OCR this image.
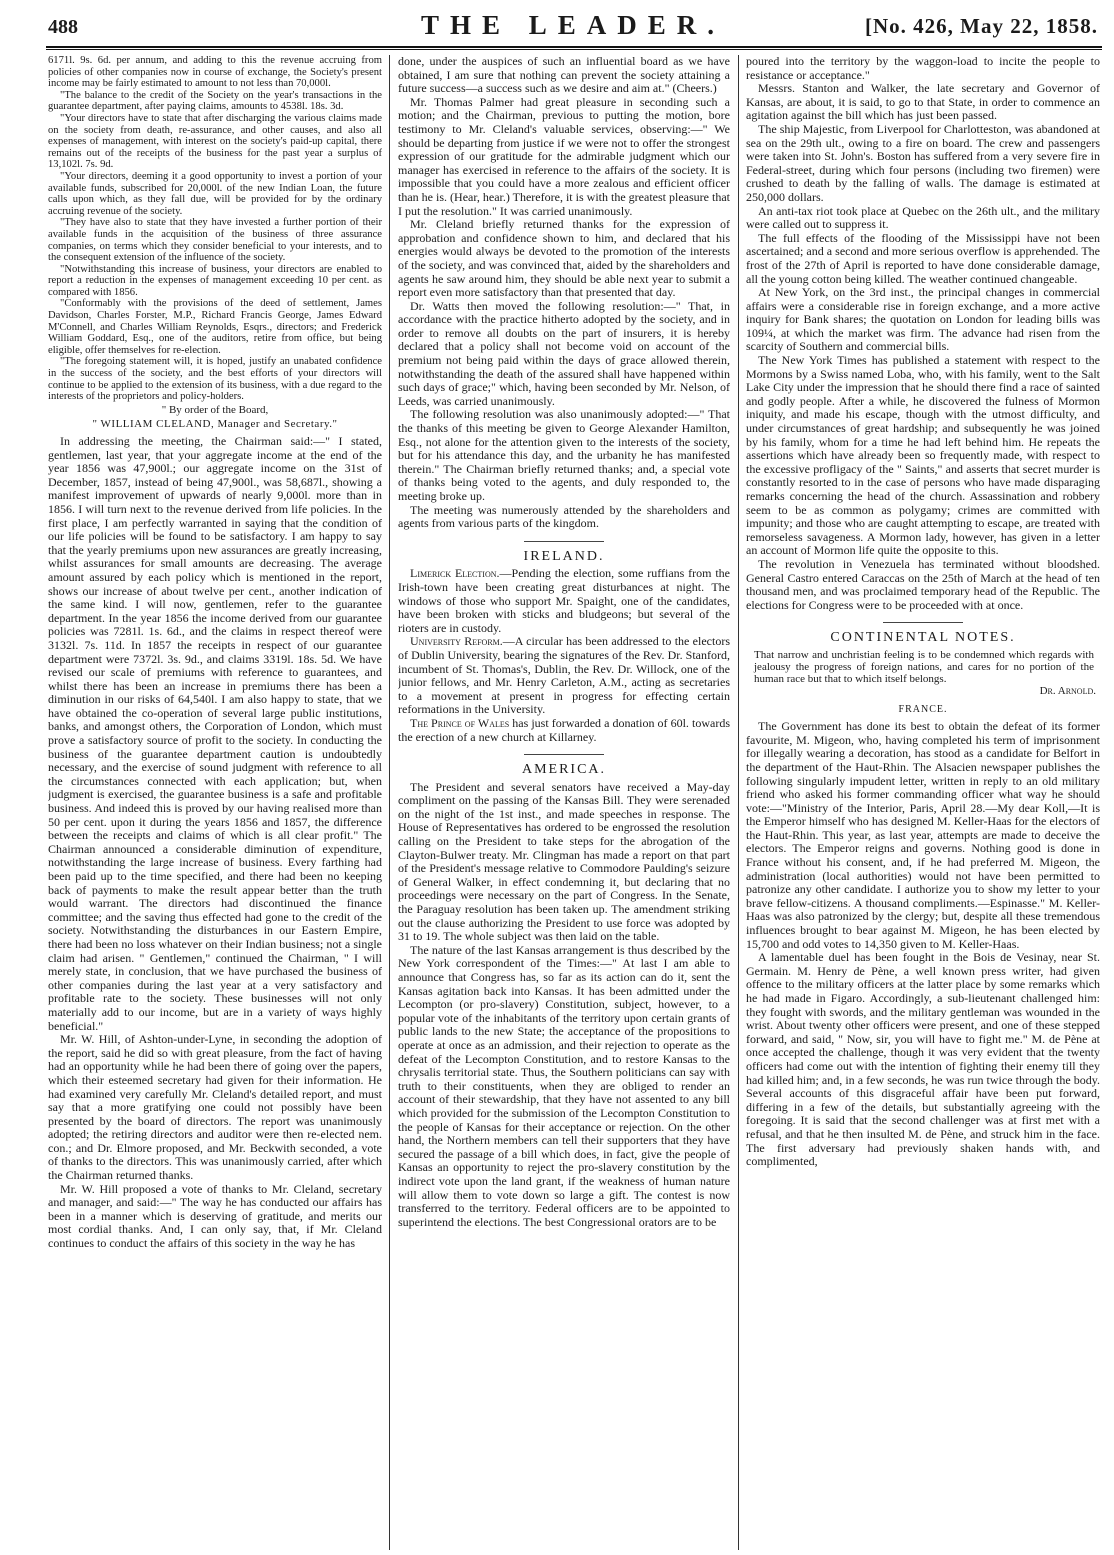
488	THE LEADER.	[No. 426, May 22, 1858.

6171l. 9s. 6d. per annum, and adding to this the revenue accruing from policies of other companies now in course of exchange, the Society's present income may be fairly estimated to amount to not less than 70,000l.

"The balance to the credit of the Society on the year's transactions in the guarantee department, after paying claims, amounts to 4538l. 18s. 3d.

"Your directors have to state that after discharging the various claims made on the society from death, re-assurance, and other causes, and also all expenses of management, with interest on the society's paid-up capital, there remains out of the receipts of the business for the past year a surplus of 13,102l. 7s. 9d.

"Your directors, deeming it a good opportunity to invest a portion of your available funds, subscribed for 20,000l. of the new Indian Loan, the future calls upon which, as they fall due, will be provided for by the ordinary accruing revenue of the society.

"They have also to state that they have invested a further portion of their available funds in the acquisition of the business of three assurance companies, on terms which they consider beneficial to your interests, and to the consequent extension of the influence of the society.

"Notwithstanding this increase of business, your directors are enabled to report a reduction in the expenses of management exceeding 10 per cent. as compared with 1856.

"Conformably with the provisions of the deed of settlement, James Davidson, Charles Forster, M.P., Richard Francis George, James Edward M'Connell, and Charles William Reynolds, Esqrs., directors; and Frederick William Goddard, Esq., one of the auditors, retire from office, but being eligible, offer themselves for re-election.

"The foregoing statement will, it is hoped, justify an unabated confidence in the success of the society, and the best efforts of your directors will continue to be applied to the extension of its business, with a due regard to the interests of the proprietors and policy-holders.

" By order of the Board,
" WILLIAM CLELAND, Manager and Secretary."

In addressing the meeting, the Chairman said:—" I stated, gentlemen, last year, that your aggregate income at the end of the year 1856 was 47,900l.; our aggregate income on the 31st of December, 1857, instead of being 47,900l., was 58,687l., showing a manifest improvement of upwards of nearly 9,000l. more than in 1856. I will turn next to the revenue derived from life policies. In the first place, I am perfectly warranted in saying that the condition of our life policies will be found to be satisfactory. I am happy to say that the yearly premiums upon new assurances are greatly increasing, whilst assurances for small amounts are decreasing. The average amount assured by each policy which is mentioned in the report, shows our increase of about twelve per cent., another indication of the same kind. I will now, gentlemen, refer to the guarantee department. In the year 1856 the income derived from our guarantee policies was 7281l. 1s. 6d., and the claims in respect thereof were 3132l. 7s. 11d. In 1857 the receipts in respect of our guarantee department were 7372l. 3s. 9d., and claims 3319l. 18s. 5d. We have revised our scale of premiums with reference to guarantees, and whilst there has been an increase in premiums there has been a diminution in our risks of 64,540l. I am also happy to state, that we have obtained the co-operation of several large public institutions, banks, and amongst others, the Corporation of London, which must prove a satisfactory source of profit to the society. In conducting the business of the guarantee department caution is undoubtedly necessary, and the exercise of sound judgment with reference to all the circumstances connected with each application; but, when judgment is exercised, the guarantee business is a safe and profitable business. And indeed this is proved by our having realised more than 50 per cent. upon it during the years 1856 and 1857, the difference between the receipts and claims of which is all clear profit." The Chairman announced a considerable diminution of expenditure, notwithstanding the large increase of business. Every farthing had been paid up to the time specified, and there had been no keeping back of payments to make the result appear better than the truth would warrant. The directors had discontinued the finance committee; and the saving thus effected had gone to the credit of the society. Notwithstanding the disturbances in our Eastern Empire, there had been no loss whatever on their Indian business; not a single claim had arisen. " Gentlemen," continued the Chairman, " I will merely state, in conclusion, that we have purchased the business of other companies during the last year at a very satisfactory and profitable rate to the society. These businesses will not only materially add to our income, but are in a variety of ways highly beneficial."

Mr. W. Hill, of Ashton-under-Lyne, in seconding the adoption of the report, said he did so with great pleasure, from the fact of having had an opportunity while he had been there of going over the papers, which their esteemed secretary had given for their information. He had examined very carefully Mr. Cleland's detailed report, and must say that a more gratifying one could not possibly have been presented by the board of directors. The report was unanimously adopted; the retiring directors and auditor were then re-elected nem. con.; and Dr. Elmore proposed, and Mr. Beckwith seconded, a vote of thanks to the directors. This was unanimously carried, after which the Chairman returned thanks.

Mr. W. Hill proposed a vote of thanks to Mr. Cleland, secretary and manager, and said:—" The way he has conducted our affairs has been in a manner which is deserving of gratitude, and merits our most cordial thanks. And, I can only say, that, if Mr. Cleland continues to conduct the affairs of this society in the way he has

done, under the auspices of such an influential board as we have obtained, I am sure that nothing can prevent the society attaining a future success—a success such as we desire and aim at." (Cheers.)

Mr. Thomas Palmer had great pleasure in seconding such a motion; and the Chairman, previous to putting the motion, bore testimony to Mr. Cleland's valuable services, observing:—" We should be departing from justice if we were not to offer the strongest expression of our gratitude for the admirable judgment which our manager has exercised in reference to the affairs of the society. It is impossible that you could have a more zealous and efficient officer than he is. (Hear, hear.) Therefore, it is with the greatest pleasure that I put the resolution." It was carried unanimously.

Mr. Cleland briefly returned thanks for the expression of approbation and confidence shown to him, and declared that his energies would always be devoted to the promotion of the interests of the society, and was convinced that, aided by the shareholders and agents he saw around him, they should be able next year to submit a report even more satisfactory than that presented that day.

Dr. Watts then moved the following resolution:—" That, in accordance with the practice hitherto adopted by the society, and in order to remove all doubts on the part of insurers, it is hereby declared that a policy shall not become void on account of the premium not being paid within the days of grace allowed therein, notwithstanding the death of the assured shall have happened within such days of grace;" which, having been seconded by Mr. Nelson, of Leeds, was carried unanimously.

The following resolution was also unanimously adopted:—" That the thanks of this meeting be given to George Alexander Hamilton, Esq., not alone for the attention given to the interests of the society, but for his attendance this day, and the urbanity he has manifested therein." The Chairman briefly returned thanks; and, a special vote of thanks being voted to the agents, and duly responded to, the meeting broke up.

The meeting was numerously attended by the shareholders and agents from various parts of the kingdom.

IRELAND.

Limerick Election.—Pending the election, some ruffians from the Irish-town have been creating great disturbances at night. The windows of those who support Mr. Spaight, one of the candidates, have been broken with sticks and bludgeons; but several of the rioters are in custody.

University Reform.—A circular has been addressed to the electors of Dublin University, bearing the signatures of the Rev. Dr. Stanford, incumbent of St. Thomas's, Dublin, the Rev. Dr. Willock, one of the junior fellows, and Mr. Henry Carleton, A.M., acting as secretaries to a movement at present in progress for effecting certain reformations in the University.

The Prince of Wales has just forwarded a donation of 60l. towards the erection of a new church at Killarney.

AMERICA.

The President and several senators have received a May-day compliment on the passing of the Kansas Bill. They were serenaded on the night of the 1st inst., and made speeches in response. The House of Representatives has ordered to be engrossed the resolution calling on the President to take steps for the abrogation of the Clayton-Bulwer treaty. Mr. Clingman has made a report on that part of the President's message relative to Commodore Paulding's seizure of General Walker, in effect condemning it, but declaring that no proceedings were necessary on the part of Congress. In the Senate, the Paraguay resolution has been taken up. The amendment striking out the clause authorizing the President to use force was adopted by 31 to 19. The whole subject was then laid on the table.

The nature of the last Kansas arrangement is thus described by the New York correspondent of the Times:—" At last I am able to announce that Congress has, so far as its action can do it, sent the Kansas agitation back into Kansas. It has been admitted under the Lecompton (or pro-slavery) Constitution, subject, however, to a popular vote of the inhabitants of the territory upon certain grants of public lands to the new State; the acceptance of the propositions to operate at once as an admission, and their rejection to operate as the defeat of the Lecompton Constitution, and to restore Kansas to the chrysalis territorial state. Thus, the Southern politicians can say with truth to their constituents, when they are obliged to render an account of their stewardship, that they have not assented to any bill which provided for the submission of the Lecompton Constitution to the people of Kansas for their acceptance or rejection. On the other hand, the Northern members can tell their supporters that they have secured the passage of a bill which does, in fact, give the people of Kansas an opportunity to reject the pro-slavery constitution by the indirect vote upon the land grant, if the weakness of human nature will allow them to vote down so large a gift. The contest is now transferred to the territory. Federal officers are to be appointed to superintend the elections. The best Congressional orators are to be

poured into the territory by the waggon-load to incite the people to resistance or acceptance."

Messrs. Stanton and Walker, the late secretary and Governor of Kansas, are about, it is said, to go to that State, in order to commence an agitation against the bill which has just been passed.

The ship Majestic, from Liverpool for Charlotteston, was abandoned at sea on the 29th ult., owing to a fire on board. The crew and passengers were taken into St. John's. Boston has suffered from a very severe fire in Federal-street, during which four persons (including two firemen) were crushed to death by the falling of walls. The damage is estimated at 250,000 dollars.

An anti-tax riot took place at Quebec on the 26th ult., and the military were called out to suppress it.

The full effects of the flooding of the Mississippi have not been ascertained; and a second and more serious overflow is apprehended. The frost of the 27th of April is reported to have done considerable damage, all the young cotton being killed. The weather continued changeable.

At New York, on the 3rd inst., the principal changes in commercial affairs were a considerable rise in foreign exchange, and a more active inquiry for Bank shares; the quotation on London for leading bills was 109¼, at which the market was firm. The advance had risen from the scarcity of Southern and commercial bills.

The New York Times has published a statement with respect to the Mormons by a Swiss named Loba, who, with his family, went to the Salt Lake City under the impression that he should there find a race of sainted and godly people. After a while, he discovered the fulness of Mormon iniquity, and made his escape, though with the utmost difficulty, and under circumstances of great hardship; and subsequently he was joined by his family, whom for a time he had left behind him. He repeats the assertions which have already been so frequently made, with respect to the excessive profligacy of the " Saints," and asserts that secret murder is constantly resorted to in the case of persons who have made disparaging remarks concerning the head of the church. Assassination and robbery seem to be as common as polygamy; crimes are committed with impunity; and those who are caught attempting to escape, are treated with remorseless savageness. A Mormon lady, however, has given in a letter an account of Mormon life quite the opposite to this.

The revolution in Venezuela has terminated without bloodshed. General Castro entered Caraccas on the 25th of March at the head of ten thousand men, and was proclaimed temporary head of the Republic. The elections for Congress were to be proceeded with at once.

CONTINENTAL NOTES.
That narrow and unchristian feeling is to be condemned which regards with jealousy the progress of foreign nations, and cares for no portion of the human race but that to which itself belongs.
Dr. Arnold.
FRANCE.

The Government has done its best to obtain the defeat of its former favourite, M. Migeon, who, having completed his term of imprisonment for illegally wearing a decoration, has stood as a candidate for Belfort in the department of the Haut-Rhin. The Alsacien newspaper publishes the following singularly impudent letter, written in reply to an old military friend who asked his former commanding officer what way he should vote:—"Ministry of the Interior, Paris, April 28.—My dear Koll,—It is the Emperor himself who has designed M. Keller-Haas for the electors of the Haut-Rhin. This year, as last year, attempts are made to deceive the electors. The Emperor reigns and governs. Nothing good is done in France without his consent, and, if he had preferred M. Migeon, the administration (local authorities) would not have been permitted to patronize any other candidate. I authorize you to show my letter to your brave fellow-citizens. A thousand compliments.—Espinasse." M. Keller-Haas was also patronized by the clergy; but, despite all these tremendous influences brought to bear against M. Migeon, he has been elected by 15,700 and odd votes to 14,350 given to M. Keller-Haas.

A lamentable duel has been fought in the Bois de Vesinay, near St. Germain. M. Henry de Pène, a well known press writer, had given offence to the military officers at the latter place by some remarks which he had made in Figaro. Accordingly, a sub-lieutenant challenged him: they fought with swords, and the military gentleman was wounded in the wrist. About twenty other officers were present, and one of these stepped forward, and said, " Now, sir, you will have to fight me." M. de Pène at once accepted the challenge, though it was very evident that the twenty officers had come out with the intention of fighting their enemy till they had killed him; and, in a few seconds, he was run twice through the body. Several accounts of this disgraceful affair have been put forward, differing in a few of the details, but substantially agreeing with the foregoing. It is said that the second challenger was at first met with a refusal, and that he then insulted M. de Pène, and struck him in the face. The first adversary had previously shaken hands with, and complimented,
